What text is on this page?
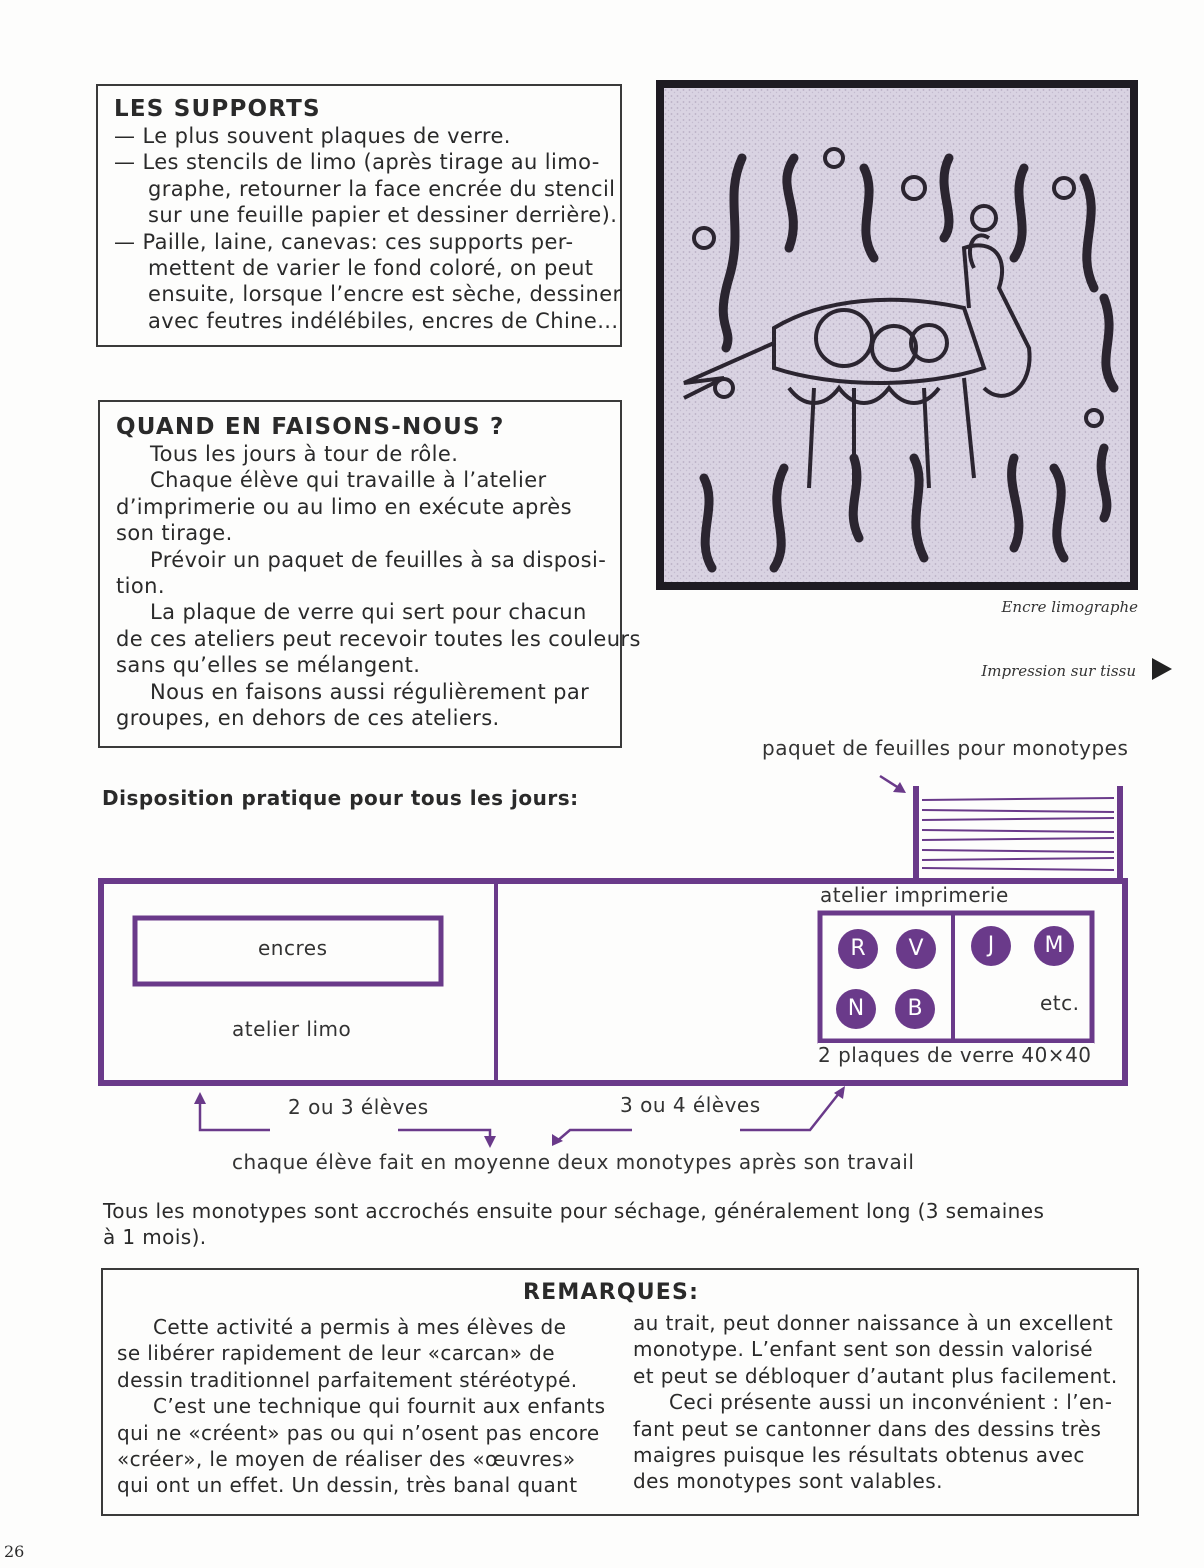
LES SUPPORTS
— Le plus souvent plaques de verre.
— Les stencils de limo (après tirage au limo-
graphe, retourner la face encrée du stencil
sur une feuille papier et dessiner derrière).
— Paille, laine, canevas: ces supports per-
mettent de varier le fond coloré, on peut
ensuite, lorsque l’encre est sèche, dessiner
avec feutres indélébiles, encres de Chine...
QUAND EN FAISONS-NOUS ?
Tous les jours à tour de rôle.
Chaque élève qui travaille à l’atelier
d’imprimerie ou au limo en exécute après
son tirage.
Prévoir un paquet de feuilles à sa disposi-
tion.
La plaque de verre qui sert pour chacun
de ces ateliers peut recevoir toutes les couleurs
sans qu’elles se mélangent.
Nous en faisons aussi régulièrement par
groupes, en dehors de ces ateliers.
Encre limographe
Impression sur tissu
Disposition pratique pour tous les jours:
paquet de feuilles pour monotypes
encres
atelier limo
atelier imprimerie
R	V
N	B
J	M
etc.
2 plaques de verre 40×40
2 ou 3 élèves	3 ou 4 élèves
chaque élève fait en moyenne deux monotypes après son travail
Tous les monotypes sont accrochés ensuite pour séchage, généralement long (3 semaines
à 1 mois).
REMARQUES:
Cette activité a permis à mes élèves de
se libérer rapidement de leur «carcan» de
dessin traditionnel parfaitement stéréotypé.
C’est une technique qui fournit aux enfants
qui ne «créent» pas ou qui n’osent pas encore
«créer», le moyen de réaliser des «œuvres»
qui ont un effet. Un dessin, très banal quant
au trait, peut donner naissance à un excellent
monotype. L’enfant sent son dessin valorisé
et peut se débloquer d’autant plus facilement.
Ceci présente aussi un inconvénient : l’en-
fant peut se cantonner dans des dessins très
maigres puisque les résultats obtenus avec
des monotypes sont valables.
26
